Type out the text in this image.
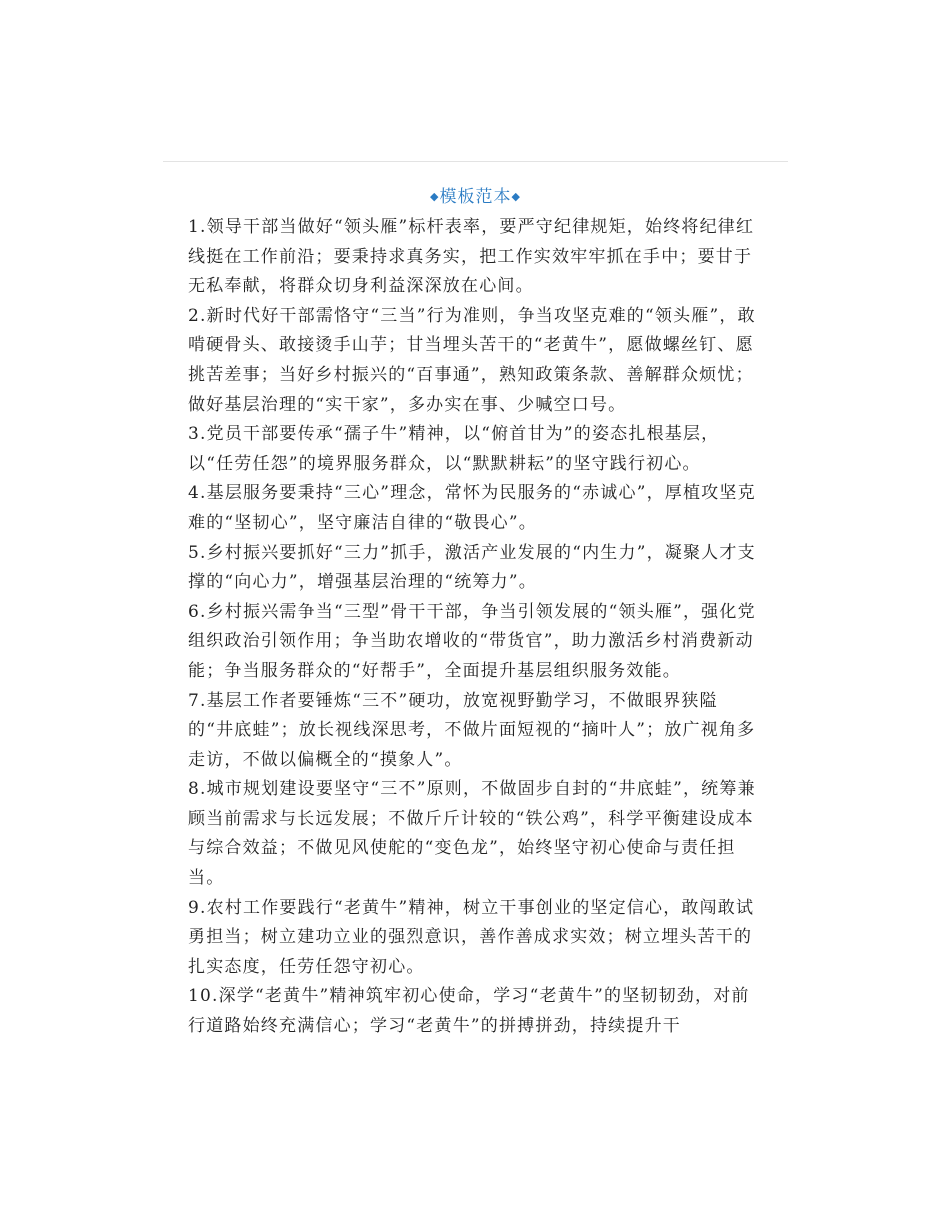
◆模板范本◆

1.领导干部当做好“领头雁”标杆表率，要严守纪律规矩，始终将纪律红线挺在工作前沿；要秉持求真务实，把工作实效牢牢抓在手中；要甘于无私奉献，将群众切身利益深深放在心间。

2.新时代好干部需恪守“三当”行为准则，争当攻坚克难的“领头雁”，敢啃硬骨头、敢接烫手山芋；甘当埋头苦干的“老黄牛”，愿做螺丝钉、愿挑苦差事；当好乡村振兴的“百事通”，熟知政策条款、善解群众烦忧；做好基层治理的“实干家”，多办实在事、少喊空口号。

3.党员干部要传承“孺子牛”精神，以“俯首甘为”的姿态扎根基层，以“任劳任怨”的境界服务群众，以“默默耕耘”的坚守践行初心。

4.基层服务要秉持“三心”理念，常怀为民服务的“赤诚心”，厚植攻坚克难的“坚韧心”，坚守廉洁自律的“敬畏心”。

5.乡村振兴要抓好“三力”抓手，激活产业发展的“内生力”，凝聚人才支撑的“向心力”，增强基层治理的“统筹力”。

6.乡村振兴需争当“三型”骨干干部，争当引领发展的“领头雁”，强化党组织政治引领作用；争当助农增收的“带货官”，助力激活乡村消费新动能；争当服务群众的“好帮手”，全面提升基层组织服务效能。

7.基层工作者要锤炼“三不”硬功，放宽视野勤学习，不做眼界狭隘的“井底蛙”；放长视线深思考，不做片面短视的“摘叶人”；放广视角多走访，不做以偏概全的“摸象人”。

8.城市规划建设要坚守“三不”原则，不做固步自封的“井底蛙”，统筹兼顾当前需求与长远发展；不做斤斤计较的“铁公鸡”，科学平衡建设成本与综合效益；不做见风使舵的“变色龙”，始终坚守初心使命与责任担当。

9.农村工作要践行“老黄牛”精神，树立干事创业的坚定信心，敢闯敢试勇担当；树立建功立业的强烈意识，善作善成求实效；树立埋头苦干的扎实态度，任劳任怨守初心。

10.深学“老黄牛”精神筑牢初心使命，学习“老黄牛”的坚韧韧劲，对前行道路始终充满信心；学习“老黄牛”的拼搏拼劲，持续提升干
